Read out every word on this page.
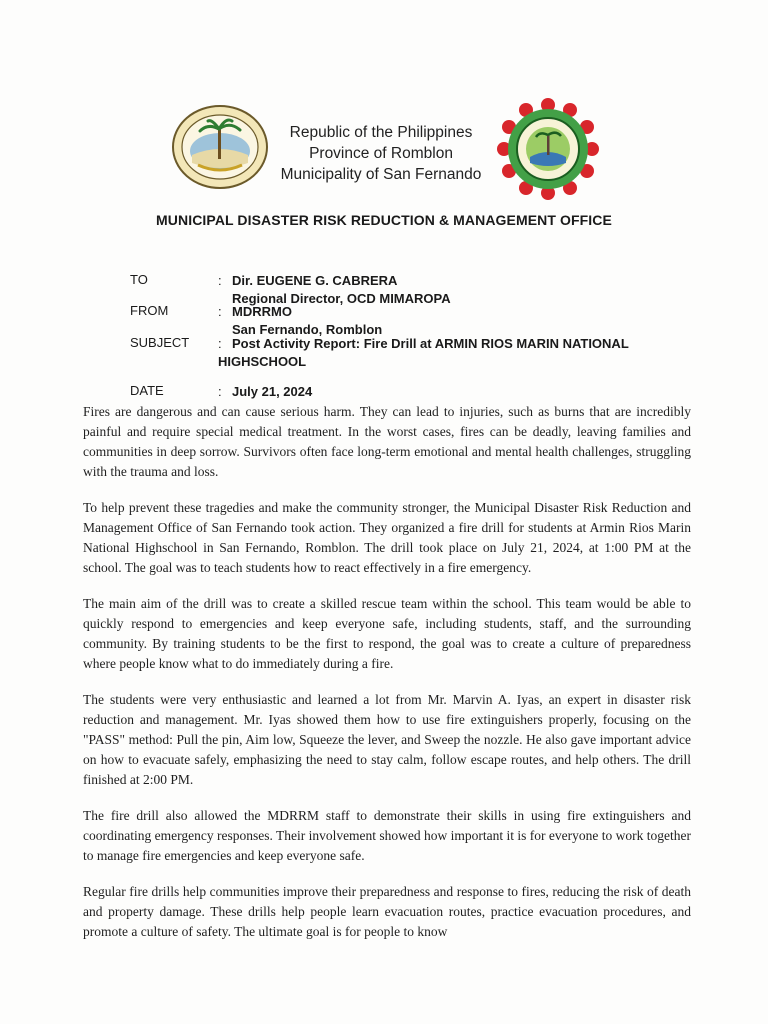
Republic of the Philippines
Province of Romblon
Municipality of San Fernando
MUNICIPAL DISASTER RISK REDUCTION & MANAGEMENT OFFICE
TO	: Dir. EUGENE G. CABRERA
Regional Director, OCD MIMAROPA
FROM	: MDRRMO
San Fernando, Romblon
SUBJECT	: Post Activity Report: Fire Drill at ARMIN RIOS MARIN NATIONAL
HIGHSCHOOL
DATE	: July 21, 2024

Fires are dangerous and can cause serious harm. They can lead to injuries, such as burns that are incredibly painful and require special medical treatment. In the worst cases, fires can be deadly, leaving families and communities in deep sorrow. Survivors often face long-term emotional and mental health challenges, struggling with the trauma and loss.

To help prevent these tragedies and make the community stronger, the Municipal Disaster Risk Reduction and Management Office of San Fernando took action. They organized a fire drill for students at Armin Rios Marin National Highschool in San Fernando, Romblon. The drill took place on July 21, 2024, at 1:00 PM at the school. The goal was to teach students how to react effectively in a fire emergency.

The main aim of the drill was to create a skilled rescue team within the school. This team would be able to quickly respond to emergencies and keep everyone safe, including students, staff, and the surrounding community. By training students to be the first to respond, the goal was to create a culture of preparedness where people know what to do immediately during a fire.

The students were very enthusiastic and learned a lot from Mr. Marvin A. Iyas, an expert in disaster risk reduction and management. Mr. Iyas showed them how to use fire extinguishers properly, focusing on the "PASS" method: Pull the pin, Aim low, Squeeze the lever, and Sweep the nozzle. He also gave important advice on how to evacuate safely, emphasizing the need to stay calm, follow escape routes, and help others. The drill finished at 2:00 PM.

The fire drill also allowed the MDRRM staff to demonstrate their skills in using fire extinguishers and coordinating emergency responses. Their involvement showed how important it is for everyone to work together to manage fire emergencies and keep everyone safe.

Regular fire drills help communities improve their preparedness and response to fires, reducing the risk of death and property damage. These drills help people learn evacuation routes, practice evacuation procedures, and promote a culture of safety. The ultimate goal is for people to know
